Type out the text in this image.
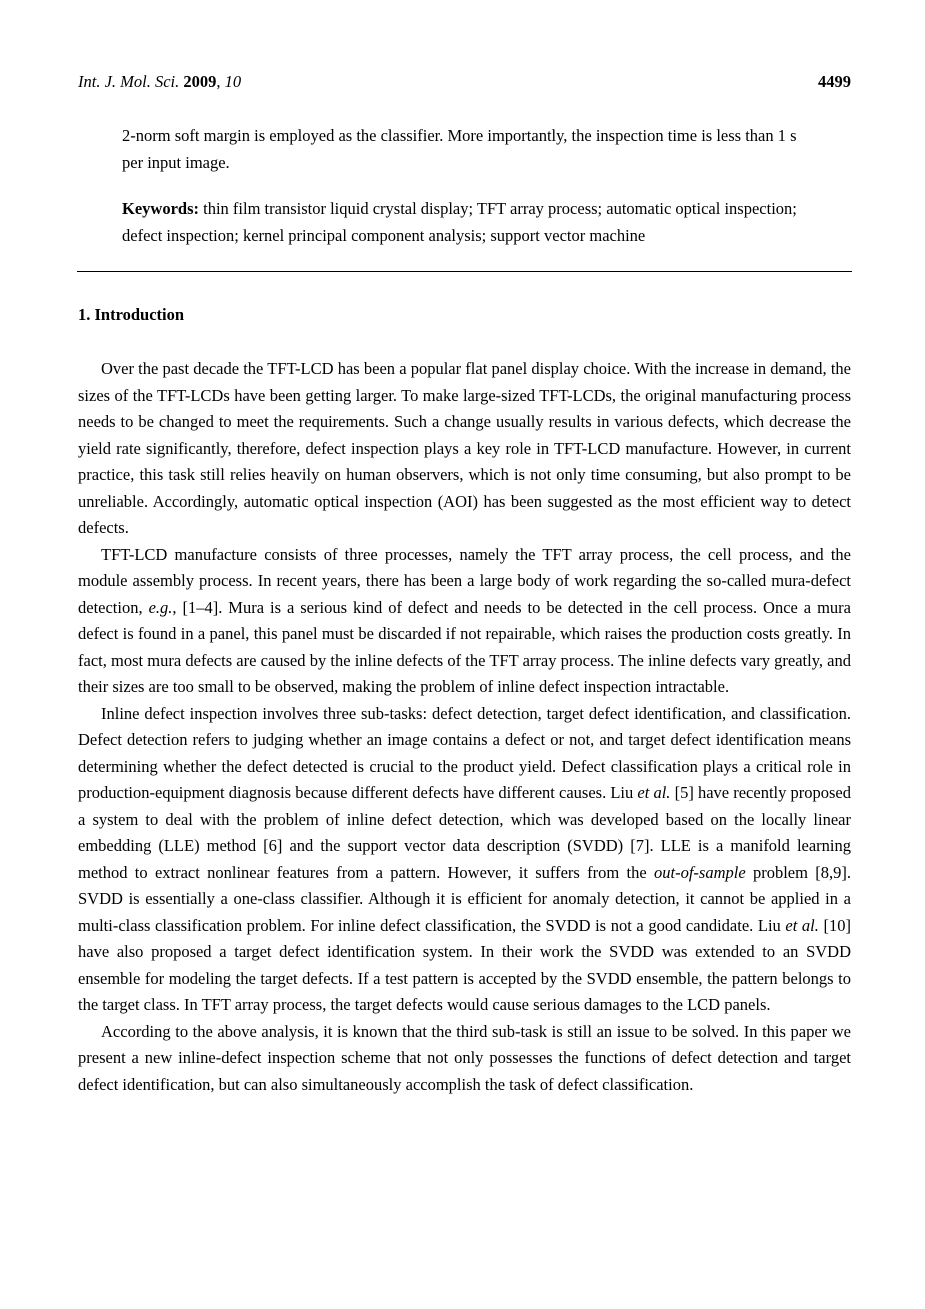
Int. J. Mol. Sci. 2009, 10	4499

2-norm soft margin is employed as the classifier. More importantly, the inspection time is less than 1 s per input image.

Keywords: thin film transistor liquid crystal display; TFT array process; automatic optical inspection; defect inspection; kernel principal component analysis; support vector machine

1. Introduction

Over the past decade the TFT-LCD has been a popular flat panel display choice. With the increase in demand, the sizes of the TFT-LCDs have been getting larger. To make large-sized TFT-LCDs, the original manufacturing process needs to be changed to meet the requirements. Such a change usually results in various defects, which decrease the yield rate significantly, therefore, defect inspection plays a key role in TFT-LCD manufacture. However, in current practice, this task still relies heavily on human observers, which is not only time consuming, but also prompt to be unreliable. Accordingly, automatic optical inspection (AOI) has been suggested as the most efficient way to detect defects.

TFT-LCD manufacture consists of three processes, namely the TFT array process, the cell process, and the module assembly process. In recent years, there has been a large body of work regarding the so-called mura-defect detection, e.g., [1–4]. Mura is a serious kind of defect and needs to be detected in the cell process. Once a mura defect is found in a panel, this panel must be discarded if not repairable, which raises the production costs greatly. In fact, most mura defects are caused by the inline defects of the TFT array process. The inline defects vary greatly, and their sizes are too small to be observed, making the problem of inline defect inspection intractable.

Inline defect inspection involves three sub-tasks: defect detection, target defect identification, and classification. Defect detection refers to judging whether an image contains a defect or not, and target defect identification means determining whether the defect detected is crucial to the product yield. Defect classification plays a critical role in production-equipment diagnosis because different defects have different causes. Liu et al. [5] have recently proposed a system to deal with the problem of inline defect detection, which was developed based on the locally linear embedding (LLE) method [6] and the support vector data description (SVDD) [7]. LLE is a manifold learning method to extract nonlinear features from a pattern. However, it suffers from the out-of-sample problem [8,9]. SVDD is essentially a one-class classifier. Although it is efficient for anomaly detection, it cannot be applied in a multi-class classification problem. For inline defect classification, the SVDD is not a good candidate. Liu et al. [10] have also proposed a target defect identification system. In their work the SVDD was extended to an SVDD ensemble for modeling the target defects. If a test pattern is accepted by the SVDD ensemble, the pattern belongs to the target class. In TFT array process, the target defects would cause serious damages to the LCD panels.

According to the above analysis, it is known that the third sub-task is still an issue to be solved. In this paper we present a new inline-defect inspection scheme that not only possesses the functions of defect detection and target defect identification, but can also simultaneously accomplish the task of defect classification.
